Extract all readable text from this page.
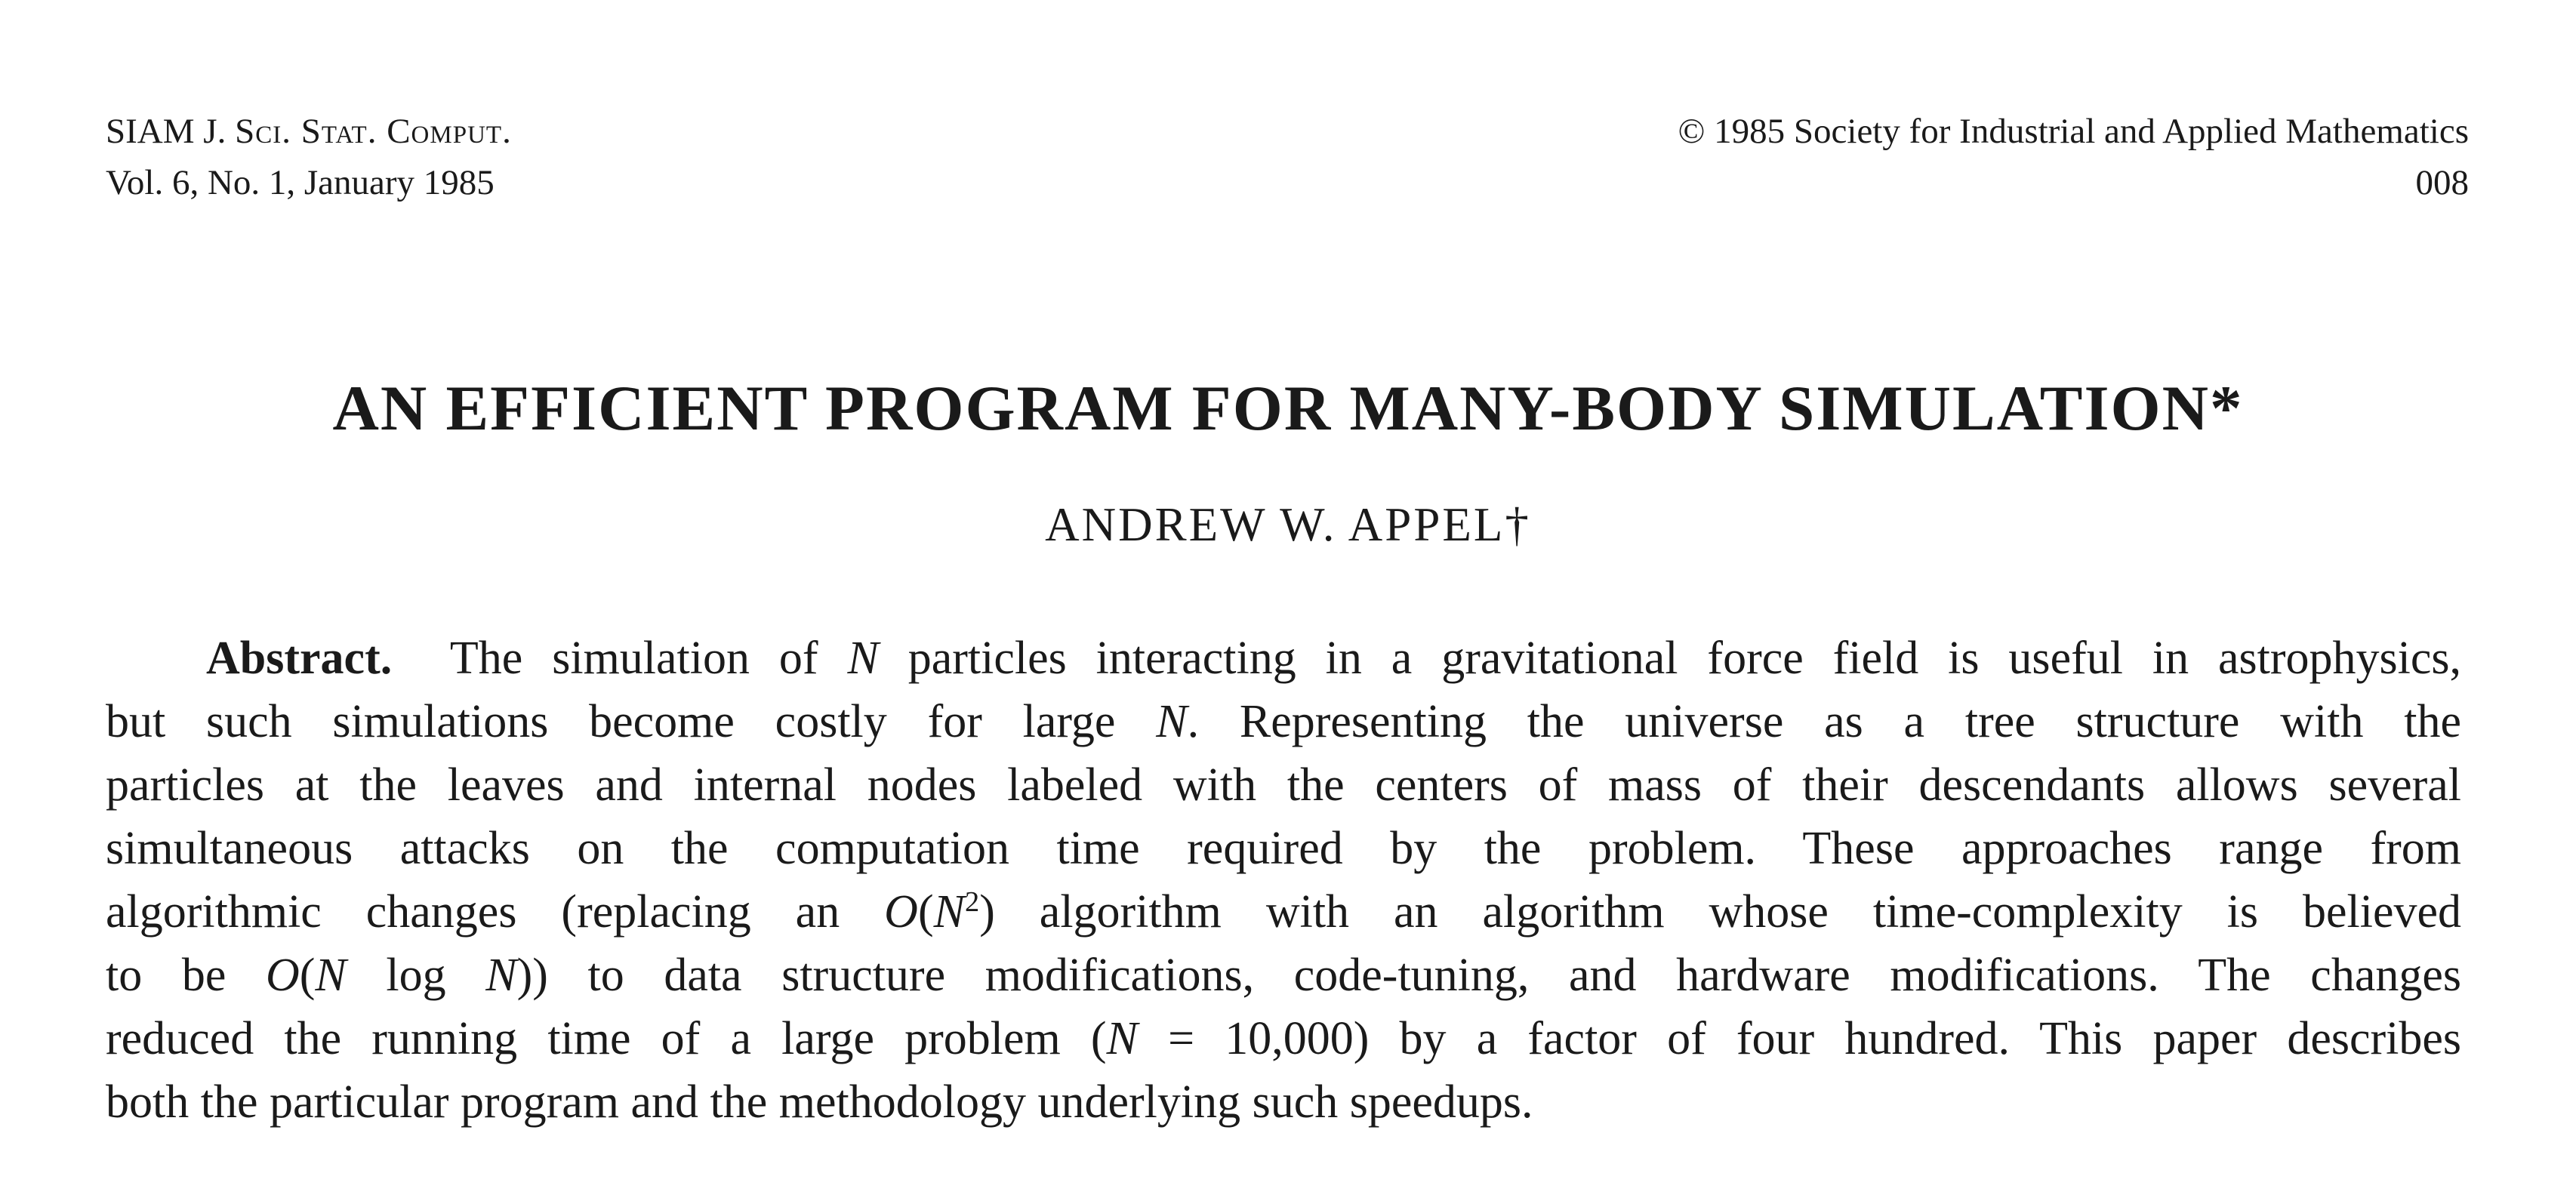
SIAM J. Sci. Stat. Comput.
Vol. 6, No. 1, January 1985
© 1985 Society for Industrial and Applied Mathematics
008
AN EFFICIENT PROGRAM FOR MANY-BODY SIMULATION*
ANDREW W. APPEL†
Abstract. The simulation of N particles interacting in a gravitational force field is useful in astrophysics,
but such simulations become costly for large N. Representing the universe as a tree structure with the
particles at the leaves and internal nodes labeled with the centers of mass of their descendants allows several
simultaneous attacks on the computation time required by the problem. These approaches range from
algorithmic changes (replacing an $O(N^2)$ algorithm with an algorithm whose time-complexity is believed
to be O(N log N)) to data structure modifications, code-tuning, and hardware modifications. The changes
reduced the running time of a large problem (N = 10,000) by a factor of four hundred. This paper describes
both the particular program and the methodology underlying such speedups.
